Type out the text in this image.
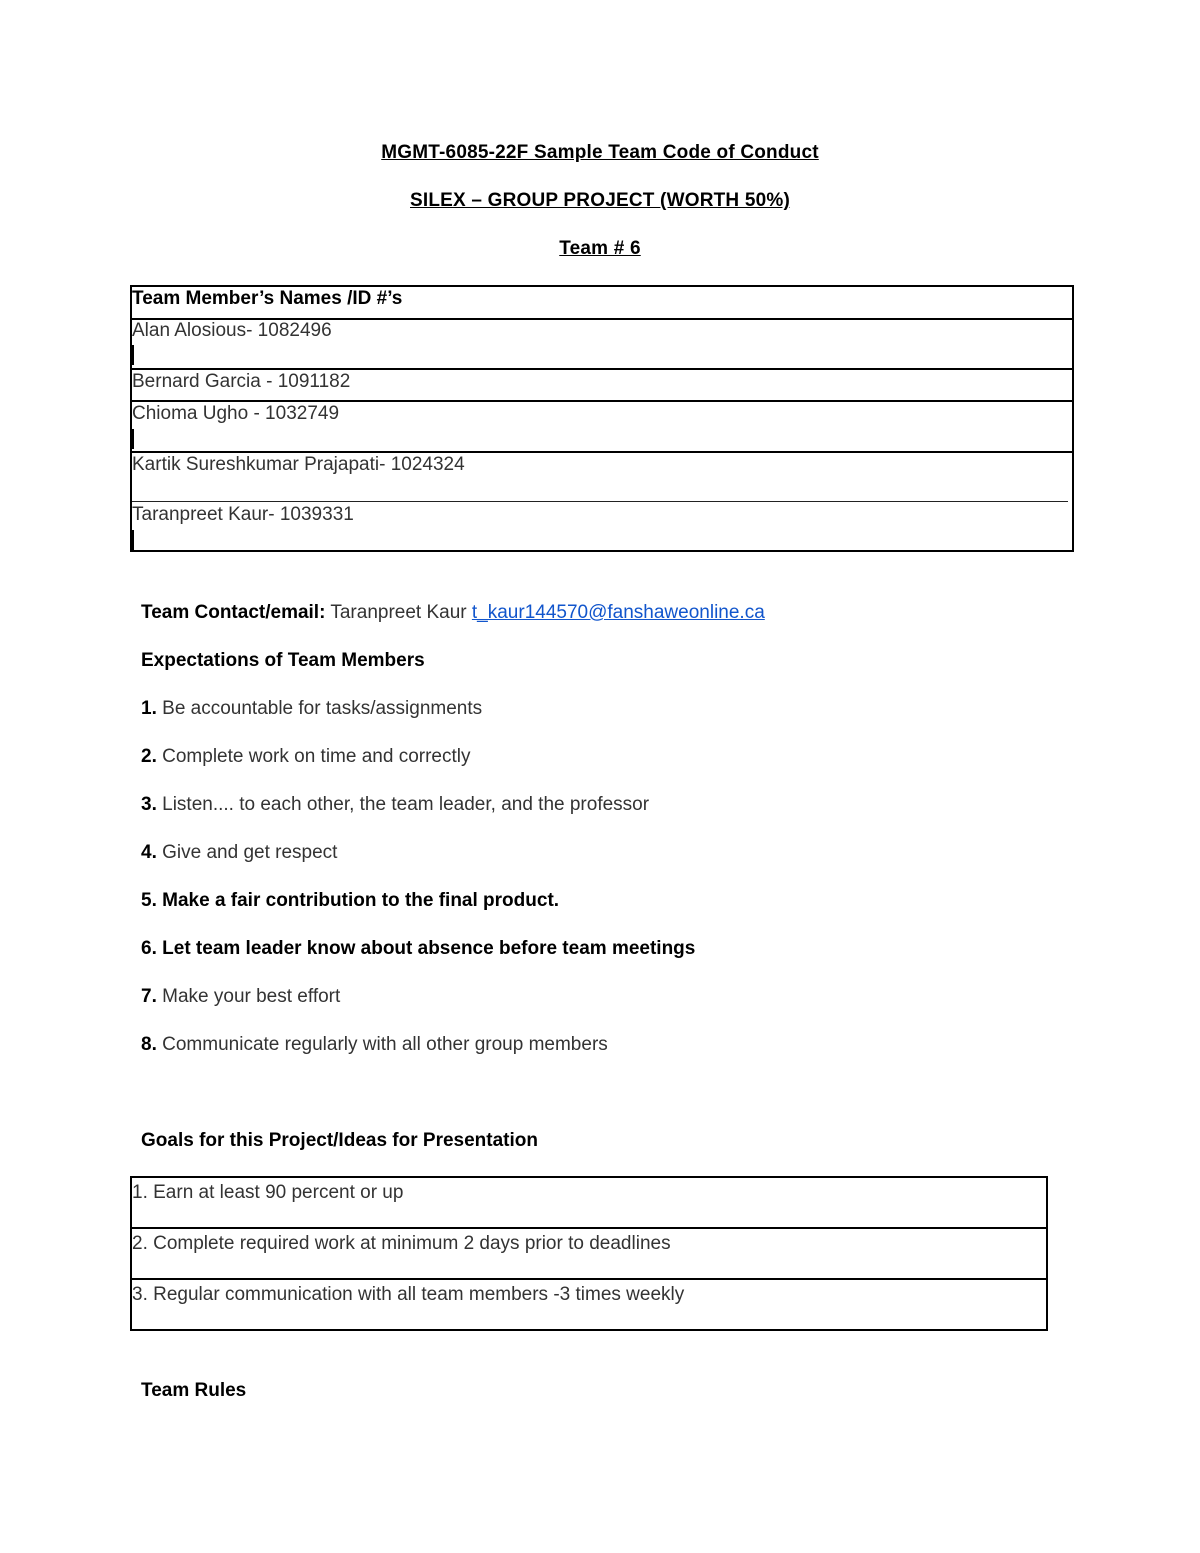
MGMT-6085-22F Sample Team Code of Conduct
SILEX – GROUP PROJECT (WORTH 50%)
Team # 6
Team Member’s Names /ID #’s
Alan Alosious- 1082496
Bernard Garcia - 1091182
Chioma Ugho - 1032749
Kartik Sureshkumar Prajapati- 1024324
Taranpreet Kaur- 1039331
Team Contact/email: Taranpreet Kaur t_kaur144570@fanshaweonline.ca
Expectations of Team Members
1. Be accountable for tasks/assignments
2. Complete work on time and correctly
3. Listen.... to each other, the team leader, and the professor
4. Give and get respect
5. Make a fair contribution to the final product.
6. Let team leader know about absence before team meetings
7. Make your best effort
8. Communicate regularly with all other group members
Goals for this Project/Ideas for Presentation
1. Earn at least 90 percent or up
2. Complete required work at minimum 2 days prior to deadlines
3. Regular communication with all team members -3 times weekly
Team Rules
